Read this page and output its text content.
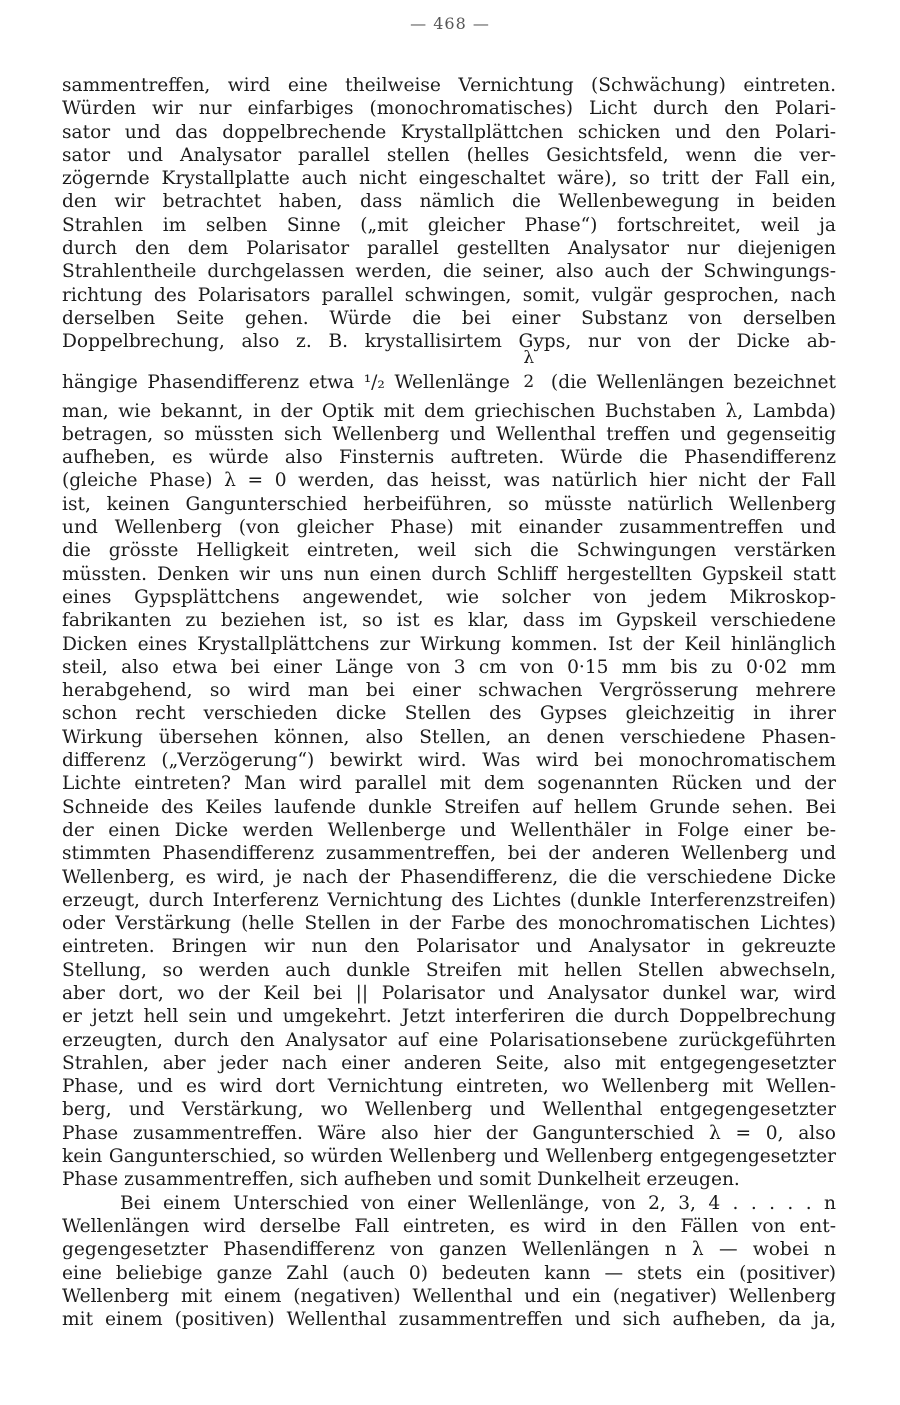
— 468 —
sammentreffen, wird eine theilweise Vernichtung (Schwächung) eintreten.
Würden wir nur einfarbiges (monochromatisches) Licht durch den Polari-
sator und das doppelbrechende Krystallplättchen schicken und den Polari-
sator und Analysator parallel stellen (helles Gesichtsfeld, wenn die ver-
zögernde Krystallplatte auch nicht eingeschaltet wäre), so tritt der Fall ein,
den wir betrachtet haben, dass nämlich die Wellenbewegung in beiden
Strahlen im selben Sinne („mit gleicher Phase“) fortschreitet, weil ja
durch den dem Polarisator parallel gestellten Analysator nur diejenigen
Strahlentheile durchgelassen werden, die seiner, also auch der Schwingungs-
richtung des Polarisators parallel schwingen, somit, vulgär gesprochen, nach
derselben Seite gehen. Würde die bei einer Substanz von derselben
Doppelbrechung, also z. B. krystallisirtem Gyps, nur von der Dicke ab-
hängige Phasendifferenz etwa ¹/₂ Wellenlänge
λ
2 (die Wellenlängen bezeichnet
man, wie bekannt, in der Optik mit dem griechischen Buchstaben λ, Lambda)
betragen, so müssten sich Wellenberg und Wellenthal treffen und gegenseitig
aufheben, es würde also Finsternis auftreten. Würde die Phasendifferenz
(gleiche Phase) λ = 0 werden, das heisst, was natürlich hier nicht der Fall
ist, keinen Gangunterschied herbeiführen, so müsste natürlich Wellenberg
und Wellenberg (von gleicher Phase) mit einander zusammentreffen und
die grösste Helligkeit eintreten, weil sich die Schwingungen verstärken
müssten. Denken wir uns nun einen durch Schliff hergestellten Gypskeil statt
eines Gypsplättchens angewendet, wie solcher von jedem Mikroskop-
fabrikanten zu beziehen ist, so ist es klar, dass im Gypskeil verschiedene
Dicken eines Krystallplättchens zur Wirkung kommen. Ist der Keil hinlänglich
steil, also etwa bei einer Länge von 3 cm von 0·15 mm bis zu 0·02 mm
herabgehend, so wird man bei einer schwachen Vergrösserung mehrere
schon recht verschieden dicke Stellen des Gypses gleichzeitig in ihrer
Wirkung übersehen können, also Stellen, an denen verschiedene Phasen-
differenz („Verzögerung“) bewirkt wird. Was wird bei monochromatischem
Lichte eintreten? Man wird parallel mit dem sogenannten Rücken und der
Schneide des Keiles laufende dunkle Streifen auf hellem Grunde sehen. Bei
der einen Dicke werden Wellenberge und Wellenthäler in Folge einer be-
stimmten Phasendifferenz zusammentreffen, bei der anderen Wellenberg und
Wellenberg, es wird, je nach der Phasendifferenz, die die verschiedene Dicke
erzeugt, durch Interferenz Vernichtung des Lichtes (dunkle Interferenzstreifen)
oder Verstärkung (helle Stellen in der Farbe des monochromatischen Lichtes)
eintreten. Bringen wir nun den Polarisator und Analysator in gekreuzte
Stellung, so werden auch dunkle Streifen mit hellen Stellen abwechseln,
aber dort, wo der Keil bei || Polarisator und Analysator dunkel war, wird
er jetzt hell sein und umgekehrt. Jetzt interferiren die durch Doppelbrechung
erzeugten, durch den Analysator auf eine Polarisationsebene zurückgeführten
Strahlen, aber jeder nach einer anderen Seite, also mit entgegengesetzter
Phase, und es wird dort Vernichtung eintreten, wo Wellenberg mit Wellen-
berg, und Verstärkung, wo Wellenberg und Wellenthal entgegengesetzter
Phase zusammentreffen. Wäre also hier der Gangunterschied λ = 0, also
kein Gangunterschied, so würden Wellenberg und Wellenberg entgegengesetzter
Phase zusammentreffen, sich aufheben und somit Dunkelheit erzeugen.
Bei einem Unterschied von einer Wellenlänge, von 2, 3, 4 . . . . . n
Wellenlängen wird derselbe Fall eintreten, es wird in den Fällen von ent-
gegengesetzter Phasendifferenz von ganzen Wellenlängen n λ — wobei n
eine beliebige ganze Zahl (auch 0) bedeuten kann — stets ein (positiver)
Wellenberg mit einem (negativen) Wellenthal und ein (negativer) Wellenberg
mit einem (positiven) Wellenthal zusammentreffen und sich aufheben, da ja,
